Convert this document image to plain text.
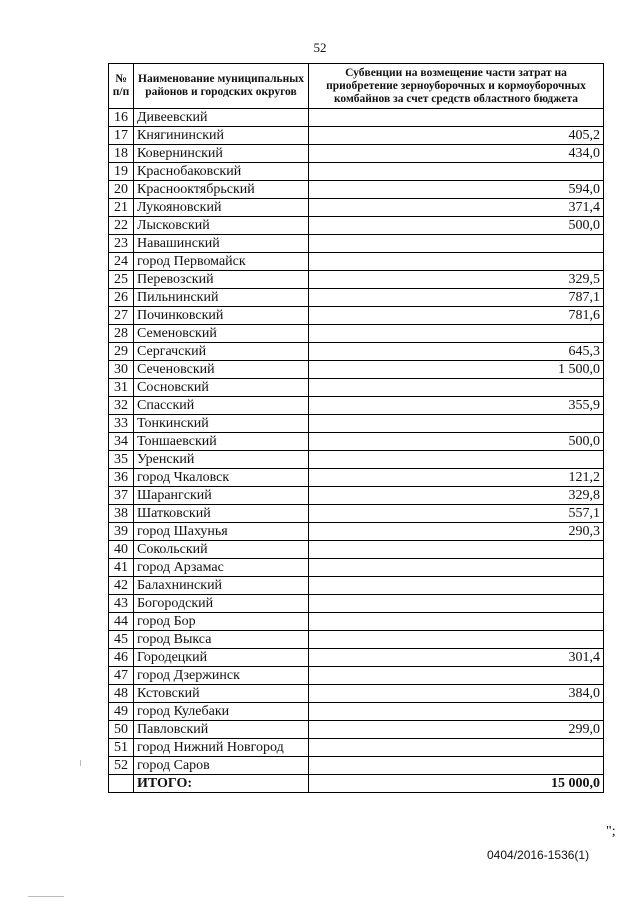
52
№ п/п	Наименование муниципальных районов и городских округов	Субвенции на возмещение части затрат на приобретение зерноуборочных и кормоуборочных комбайнов за счет средств областного бюджета
16	Дивеевский	
17	Княгининский	405,2
18	Ковернинский	434,0
19	Краснобаковский	
20	Краснооктябрьский	594,0
21	Лукояновский	371,4
22	Лысковский	500,0
23	Навашинский	
24	город Первомайск	
25	Перевозский	329,5
26	Пильнинский	787,1
27	Починковский	781,6
28	Семеновский	
29	Сергачский	645,3
30	Сеченовский	1 500,0
31	Сосновский	
32	Спасский	355,9
33	Тонкинский	
34	Тоншаевский	500,0
35	Уренский	
36	город Чкаловск	121,2
37	Шарангский	329,8
38	Шатковский	557,1
39	город Шахунья	290,3
40	Сокольский	
41	город Арзамас	
42	Балахнинский	
43	Богородский	
44	город Бор	
45	город Выкса	
46	Городецкий	301,4
47	город Дзержинск	
48	Кстовский	384,0
49	город Кулебаки	
50	Павловский	299,0
51	город Нижний Новгород	
52	город Саров	
	ИТОГО:	15 000,0
";
0404/2016-1536(1)
